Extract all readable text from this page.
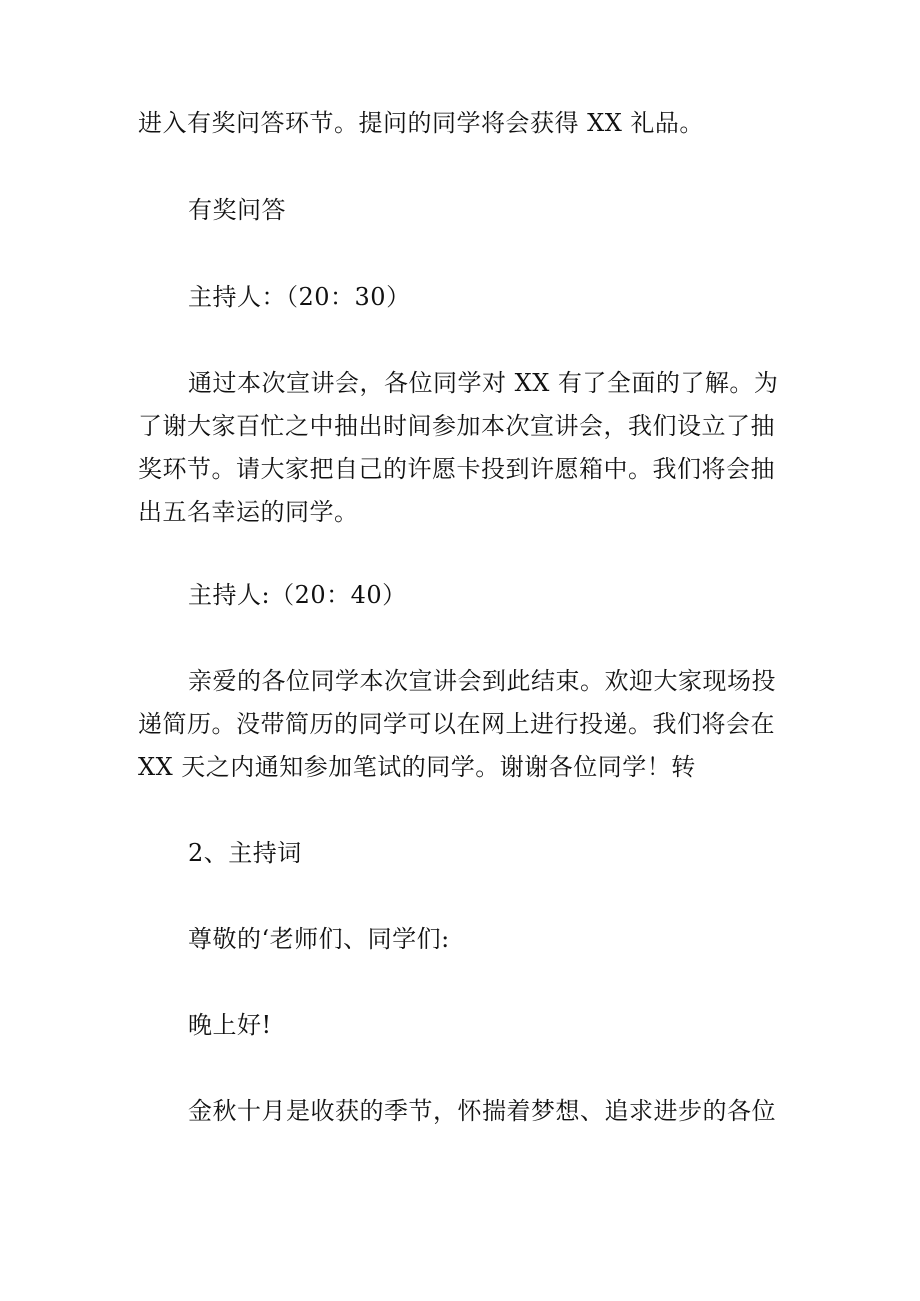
进入有奖问答环节。提问的同学将会获得 XX 礼品。

有奖问答

主持人：（20：30）

通过本次宣讲会，各位同学对 XX 有了全面的了解。为了谢大家百忙之中抽出时间参加本次宣讲会，我们设立了抽奖环节。请大家把自己的许愿卡投到许愿箱中。我们将会抽出五名幸运的同学。

主持人:（20：40）

亲爱的各位同学本次宣讲会到此结束。欢迎大家现场投递简历。没带简历的同学可以在网上进行投递。我们将会在 XX 天之内通知参加笔试的同学。谢谢各位同学！转

2、主持词

尊敬的‘老师们、同学们:

晚上好!

金秋十月是收获的季节，怀揣着梦想、追求进步的各位
